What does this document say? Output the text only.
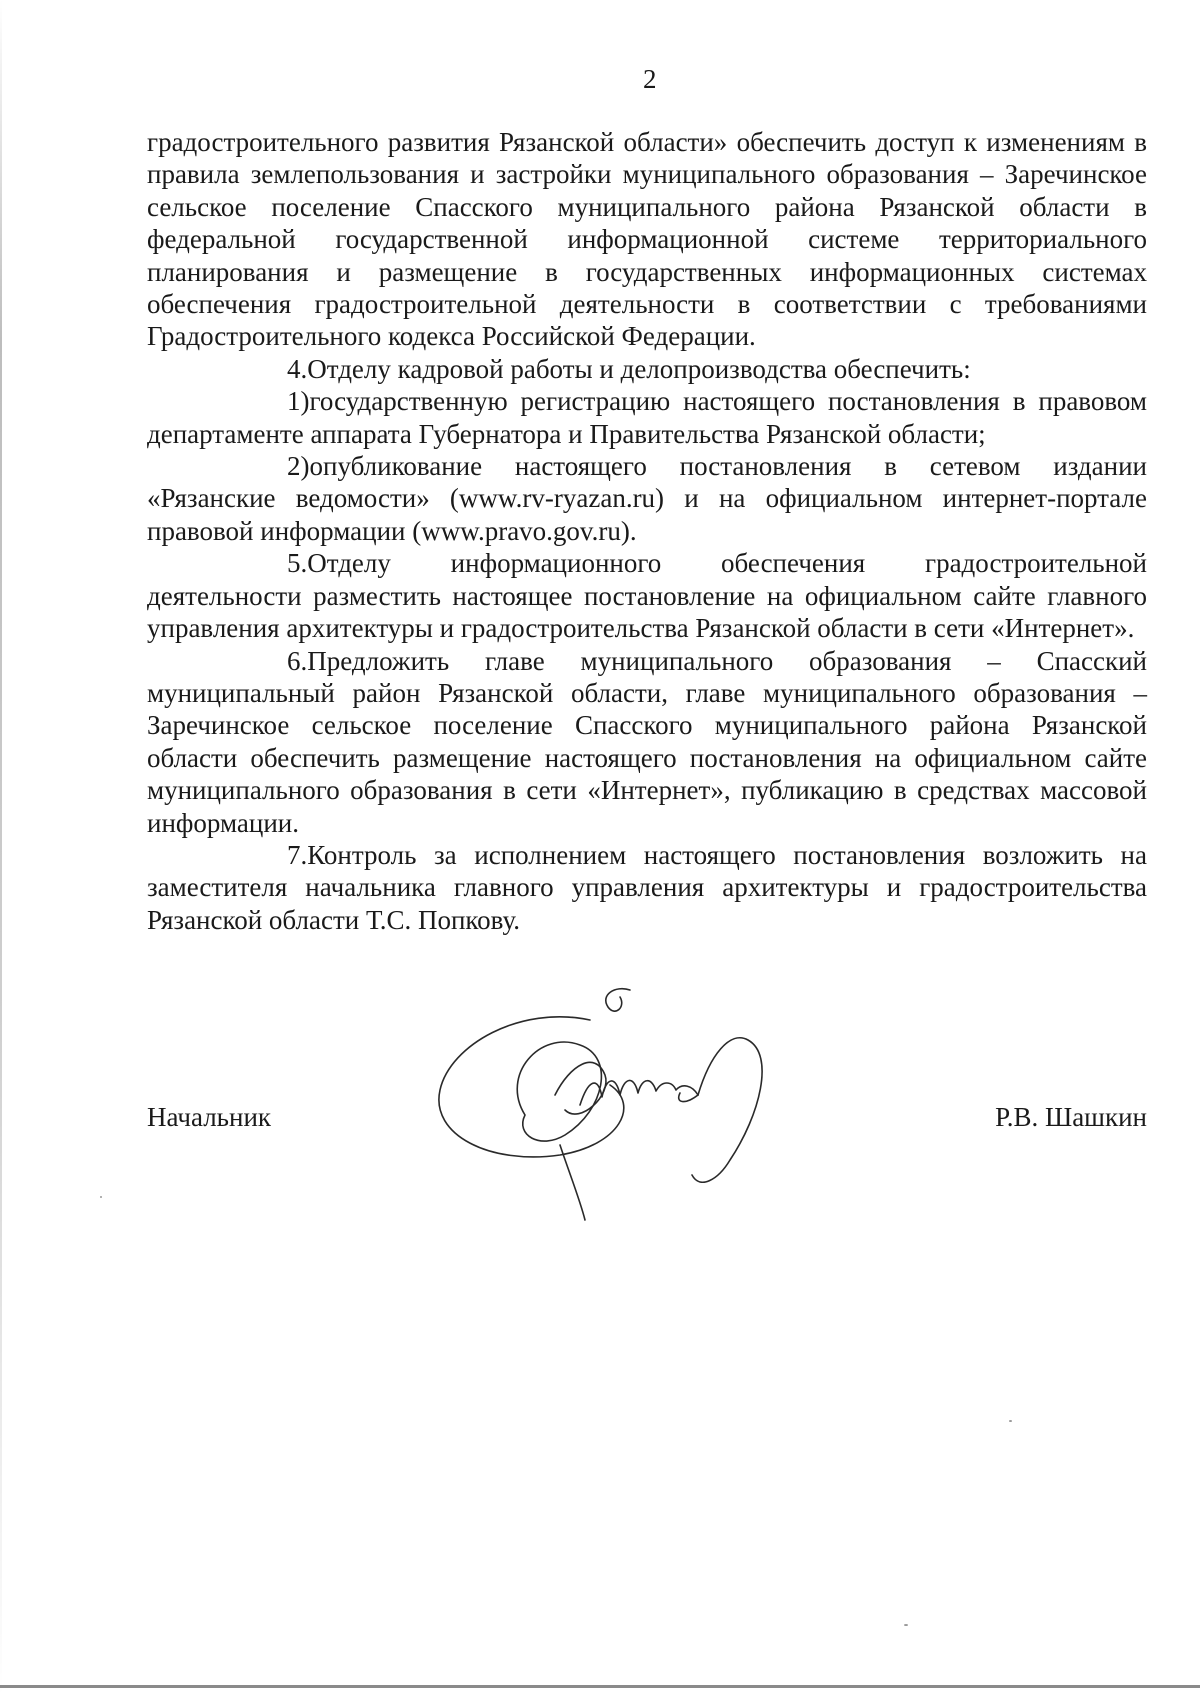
2

градостроительного развития Рязанской области» обеспечить доступ к изменениям в правила землепользования и застройки муниципального образования – Заречинское сельское поселение Спасского муниципального района Рязанской области в федеральной государственной информационной системе территориального планирования и размещение в государственных информационных системах обеспечения градостроительной деятельности в соответствии с требованиями Градостроительного кодекса Российской Федерации.

4.Отделу кадровой работы и делопроизводства обеспечить:

1)государственную регистрацию настоящего постановления в правовом департаменте аппарата Губернатора и Правительства Рязанской области;

2)опубликование настоящего постановления в сетевом издании «Рязанские ведомости» (www.rv-ryazan.ru) и на официальном интернет-портале правовой информации (www.pravo.gov.ru).

5.Отделу информационного обеспечения градостроительной деятельности разместить настоящее постановление на официальном сайте главного управления архитектуры и градостроительства Рязанской области в сети «Интернет».

6.Предложить главе муниципального образования – Спасский муниципальный район Рязанской области, главе муниципального образования – Заречинское сельское поселение Спасского муниципального района Рязанской области обеспечить размещение настоящего постановления на официальном сайте муниципального образования в сети «Интернет», публикацию в средствах массовой информации.

7.Контроль за исполнением настоящего постановления возложить на заместителя начальника главного управления архитектуры и градостроительства Рязанской области Т.С. Попкову.

Начальник	Р.В. Шашкин
